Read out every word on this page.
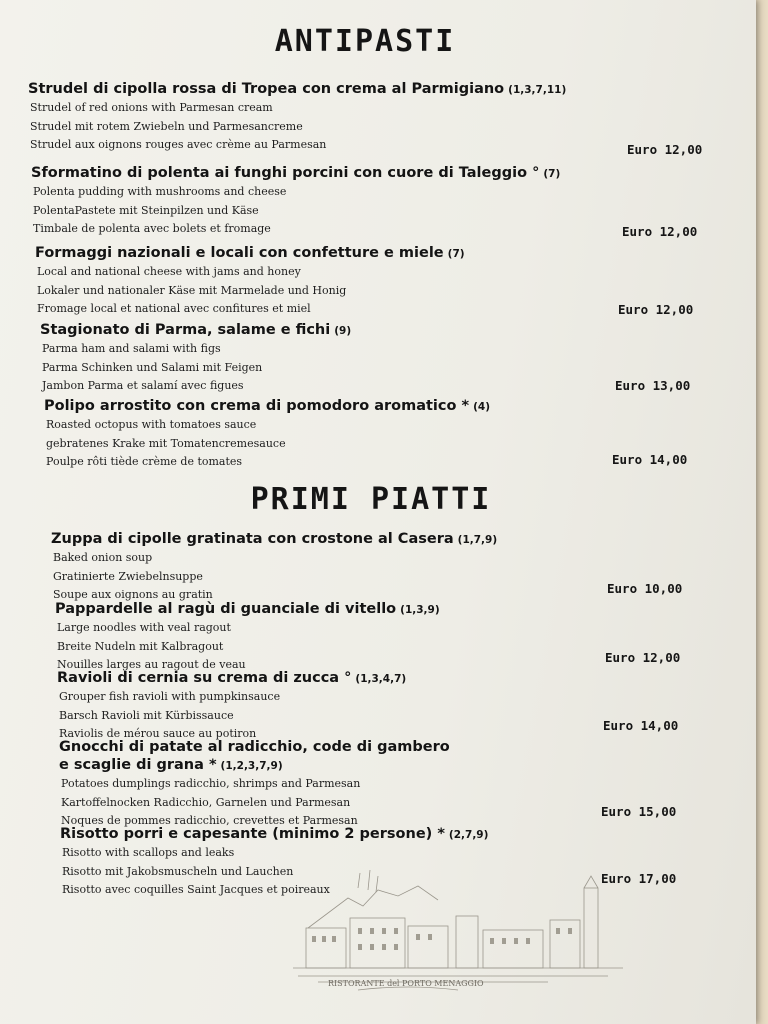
ANTIPASTI
Strudel di cipolla rossa di Tropea con crema al Parmigiano (1,3,7,11)
Strudel of red onions with Parmesan cream
Strudel mit rotem Zwiebeln und Parmesancreme
Strudel aux oignons rouges avec crème au Parmesan	Euro 12,00
Sformatino di polenta ai funghi porcini con cuore di Taleggio ° (7)
Polenta pudding with mushrooms and cheese
PolentaPastete mit Steinpilzen und Käse
Timbale de polenta avec bolets et fromage	Euro 12,00
Formaggi nazionali e locali con confetture e miele (7)
Local and national cheese with jams and honey
Lokaler und nationaler Käse mit Marmelade und Honig
Fromage local et national avec confitures et miel	Euro 12,00
Stagionato di Parma, salame e fichi (9)
Parma ham and salami with figs
Parma Schinken und Salami mit Feigen
Jambon Parma et salamí avec figues	Euro 13,00
Polipo arrostito con crema di pomodoro aromatico * (4)
Roasted octopus with tomatoes sauce
gebratenes Krake mit Tomatencremesauce
Poulpe rôti tiède crème de tomates	Euro 14,00
PRIMI PIATTI
Zuppa di cipolle gratinata con crostone al Casera (1,7,9)
Baked onion soup
Gratinierte Zwiebelnsuppe
Soupe aux oignons au gratin	Euro 10,00
Pappardelle al ragù di guanciale di vitello (1,3,9)
Large noodles with veal ragout
Breite Nudeln mit Kalbragout
Nouilles larges au ragout de veau	Euro 12,00
Ravioli di cernia su crema di zucca ° (1,3,4,7)
Grouper fish ravioli with pumpkinsauce
Barsch Ravioli mit Kürbissauce
Raviolis de mérou sauce au potiron
Euro 14,00
Gnocchi di patate al radicchio, code di gambero
e scaglie di grana * (1,2,3,7,9)
Potatoes dumplings radicchio, shrimps and Parmesan
Kartoffelnocken Radicchio, Garnelen und Parmesan
Noques de pommes radicchio, crevettes et Parmesan
Euro 15,00
Risotto porri e capesante (minimo 2 persone) * (2,7,9)
Risotto with scallops and leaks
Risotto mit Jakobsmuscheln und Lauchen
Risotto avec coquilles Saint Jacques et poireaux
Euro 17,00
RISTORANTE del PORTO MENAGGIO
